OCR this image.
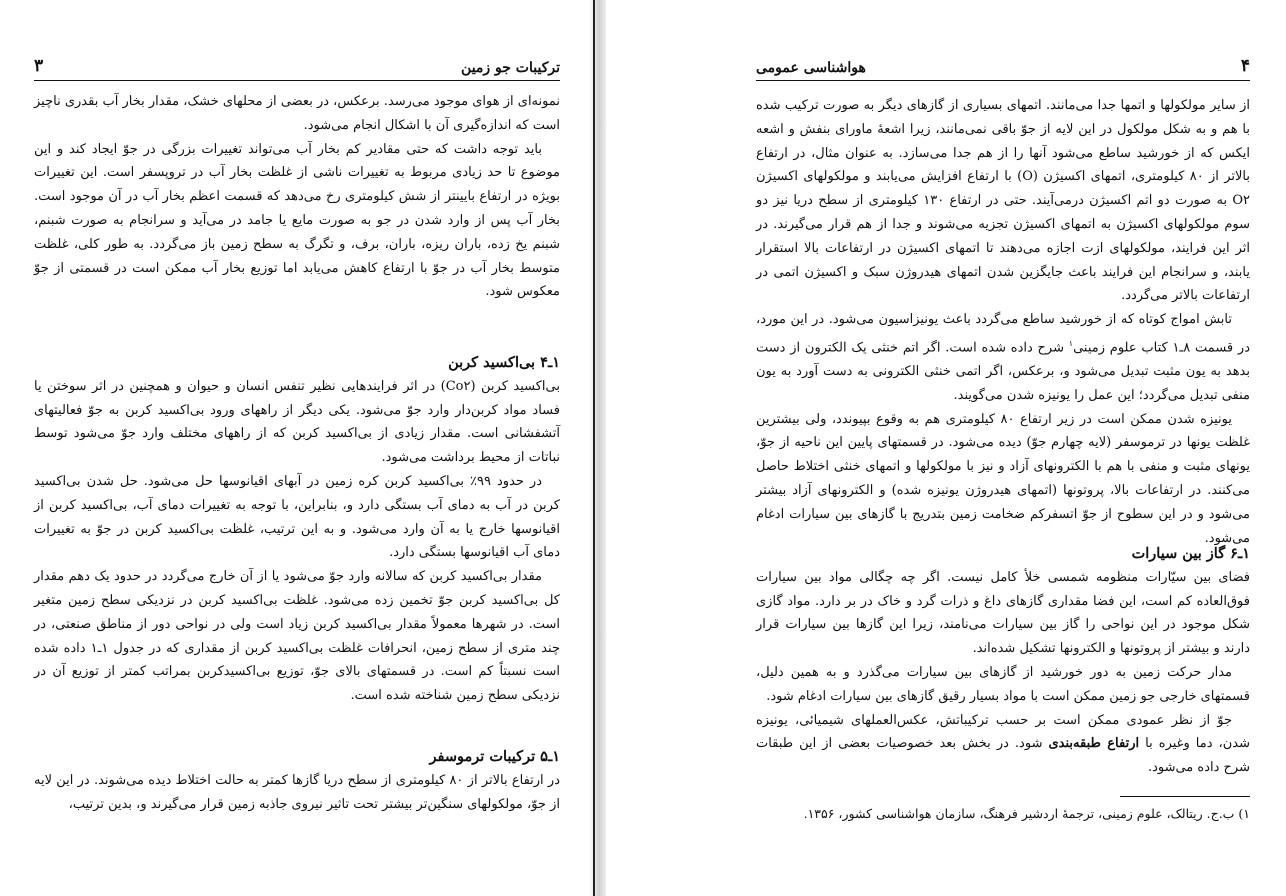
ترکیبات جو زمین
۳

نمونه‌ای از هوای موجود می‌رسد. برعکس، در بعضی از محلهای خشک، مقدار بخار آب بقدری ناچیز است که اندازه‌گیری آن با اشکال انجام می‌شود.

باید توجه داشت که حتی مقادیر کم بخار آب می‌تواند تغییرات بزرگی در جوّ ایجاد کند و این موضوع تا حد زیادی مربوط به تغییرات ناشی از غلظت بخار آب در تروپسفر است. این تغییرات بویژه در ارتفاع بایینتر از شش کیلومتری رخ می‌دهد که قسمت اعظم بخار آب در آن موجود است. بخار آب پس از وارد شدن در جو به صورت مایع یا جامد در می‌آید و سرانجام به صورت شبنم، شبنم یخ زده، باران ریزه، باران، برف، و تگرگ به سطح زمین باز می‌گردد. به طور کلی، غلظت متوسط بخار آب در جوّ با ارتفاع کاهش می‌یابد اما توزیع بخار آب ممکن است در قسمتی از جوّ معکوس شود.

۱ـ۴ بی‌اکسید کربن

بی‌اکسید کربن (Co۲) در اثر فرایندهایی نظیر تنفس انسان و حیوان و همچنین در اثر سوختن یا فساد مواد کربن‌دار وارد جوّ می‌شود. یکی دیگر از راههای ورود بی‌اکسید کربن به جوّ فعالیتهای آتشفشانی است. مقدار زیادی از بی‌اکسید کربن که از راههای مختلف وارد جوّ می‌شود توسط نباتات از محیط برداشت می‌شود.

در حدود ۹۹٪ بی‌اکسید کربن کره زمین در آبهای اقیانوسها حل می‌شود. حل شدن بی‌اکسید کربن در آب به دمای آب بستگی دارد و، بنابراین، با توجه به تغییرات دمای آب، بی‌اکسید کربن از اقیانوسها خارج یا به آن وارد می‌شود. و به این ترتیب، غلظت بی‌اکسید کربن در جوّ به تغییرات دمای آب اقیانوسها بستگی دارد.

مقدار بی‌اکسید کربن که سالانه وارد جوّ می‌شود یا از آن خارج می‌گردد در حدود یک دهم مقدار کل بی‌اکسید کربن جوّ تخمین زده می‌شود. غلظت بی‌اکسید کربن در نزدیکی سطح زمین متغیر است. در شهرها معمولاً مقدار بی‌اکسید کربن زیاد است ولی در نواحی دور از مناطق صنعتی، در چند متری از سطح زمین، انحرافات غلظت بی‌اکسید کربن از مقداری که در جدول ۱ـ۱ داده شده است نسبتاً کم است. در قسمتهای بالای جوّ، توزیع بی‌اکسیدکربن بمراتب کمتر از توزیع آن در نزدیکی سطح زمین شناخته شده است.

۱ـ۵ ترکیبات ترموسفر

در ارتفاع بالاتر از ۸۰ کیلومتری از سطح دریا گازها کمتر به حالت اختلاط دیده می‌شوند. در این لایه از جوّ، مولکولهای سنگین‌تر بیشتر تحت تاثیر نیروی جاذبه زمین قرار می‌گیرند و، بدین ترتیب،

۴
هواشناسی عمومی

از سایر مولکولها و اتمها جدا می‌مانند. اتمهای بسیاری از گازهای دیگر به صورت ترکیب شده با هم و به شکل مولکول در این لایه از جوّ باقی نمی‌مانند، زیرا اشعهٔ ماورای بنفش و اشعه ایکس که از خورشید ساطع می‌شود آنها را از هم جدا می‌سازد. به عنوان مثال، در ارتفاع بالاتر از ۸۰ کیلومتری، اتمهای اکسیژن (O) با ارتفاع افزایش می‌یابند و مولکولهای اکسیژن O۲ به صورت دو اتم اکسیژن درمی‌آیند. حتی در ارتفاع ۱۳۰ کیلومتری از سطح دریا نیز دو سوم مولکولهای اکسیژن به اتمهای اکسیژن تجزیه می‌شوند و جدا از هم قرار می‌گیرند. در اثر این فرایند، مولکولهای ازت اجازه می‌دهند تا اتمهای اکسیژن در ارتفاعات بالا استقرار یابند، و سرانجام این فرایند باعث جایگزین شدن اتمهای هیدروژن سبک و اکسیژن اتمی در ارتفاعات بالاتر می‌گردد.

تابش امواج کوتاه که از خورشید ساطع می‌گردد باعث یونیزاسیون می‌شود. در این مورد، در قسمت ۸ـ۱ کتاب علوم زمینی$^۱$ شرح داده شده است. اگر اتم خنثی یک الکترون از دست بدهد به یون مثبت تبدیل می‌شود و، برعکس، اگر اتمی خنثی الکترونی به دست آورد به یون منفی تبدیل می‌گردد؛ این عمل را یونیزه شدن می‌گویند.

یونیزه شدن ممکن است در زیر ارتفاع ۸۰ کیلومتری هم به وقوع بپیوندد، ولی بیشترین غلظت یونها در ترموسفر (لایه چهارم جوّ) دیده می‌شود. در قسمتهای پایین این ناحیه از جوّ، یونهای مثبت و منفی با هم با الکترونهای آزاد و نیز با مولکولها و اتمهای خنثی اختلاط حاصل می‌کنند. در ارتفاعات بالا، پروتونها (اتمهای هیدروژن یونیزه شده) و الکترونهای آزاد بیشتر می‌شود و در این سطوح از جوّ اتسفرکم ضخامت زمین بتدریج با گازهای بین سیارات ادغام می‌شود.

۱ـ۶ گاز بین سیارات

فضای بین سیّارات منظومه شمسی خلأ کامل نیست. اگر چه چگالی مواد بین سیارات فوق‌العاده کم است، این فضا مقداری گازهای داغ و ذرات گرد و خاک در بر دارد. مواد گازی شکل موجود در این نواحی را گاز بین سیارات می‌نامند، زیرا این گازها بین سیارات قرار دارند و بیشتر از پروتونها و الکترونها تشکیل شده‌اند.

مدار حرکت زمین به دور خورشید از گازهای بین سیارات می‌گذرد و به همین دلیل، قسمتهای خارجی جو زمین ممکن است با مواد بسیار رقیق گازهای بین سیارات ادغام شود.

جوّ از نظر عمودی ممکن است بر حسب ترکیباتش، عکس‌العملهای شیمیائی، یونیزه شدن، دما وغیره با ارتفاع طبقه‌بندی شود. در بخش بعد خصوصیات بعضی از این طبقات شرح داده می‌شود.

۱) ب.ج. ریتالک، علوم زمینی، ترجمهٔ اردشیر فرهنگ، سازمان هواشناسی کشور، ۱۳۵۶.
